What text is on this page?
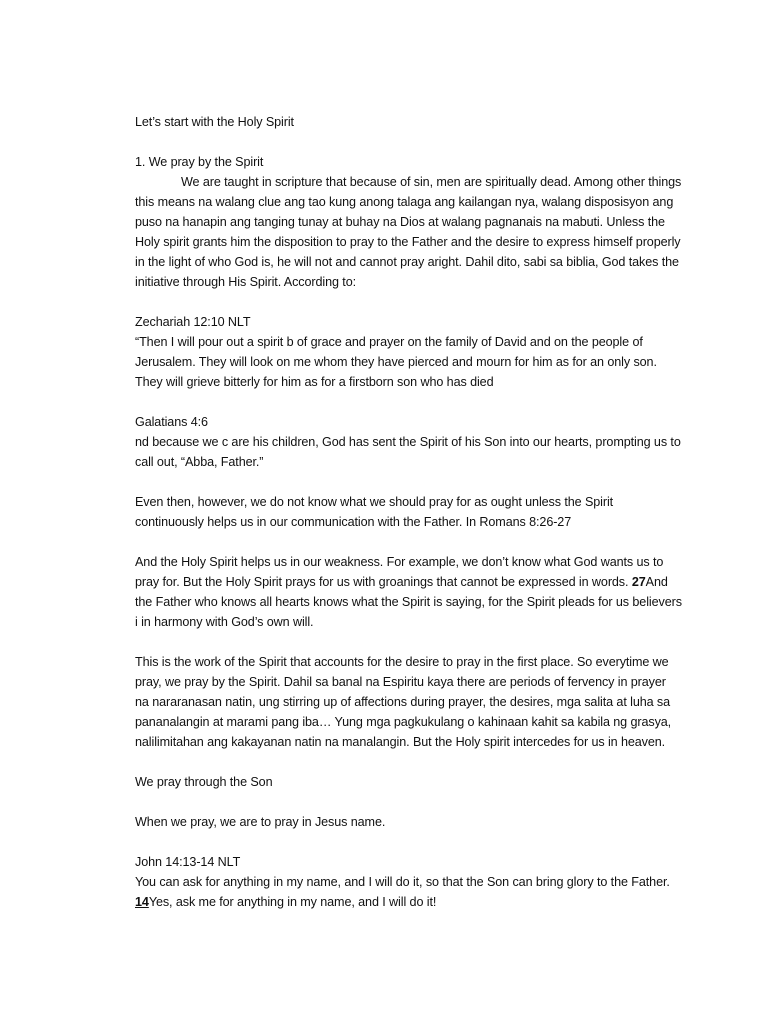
Let’s start with the Holy Spirit

1. We pray by the Spirit

We are taught in scripture that because of sin, men are spiritually dead. Among other things this means na walang clue ang tao kung anong talaga ang kailangan nya, walang disposisyon ang puso na hanapin ang tanging tunay at buhay na Dios at walang pagnanais na mabuti. Unless the Holy spirit grants him the disposition to pray to the Father and the desire to express himself properly in the light of who God is, he will not and cannot pray aright. Dahil dito, sabi sa biblia, God takes the initiative through His Spirit. According to:

Zechariah 12:10 NLT

“Then I will pour out a spirit b of grace and prayer on the family of David and on the people of Jerusalem. They will look on me whom they have pierced and mourn for him as for an only son. They will grieve bitterly for him as for a firstborn son who has died

Galatians 4:6

nd because we c are his children, God has sent the Spirit of his Son into our hearts, prompting us to call out, “Abba, Father.”

Even then, however, we do not know what we should pray for as ought unless the Spirit continuously helps us in our communication with the Father. In Romans 8:26-27

And the Holy Spirit helps us in our weakness. For example, we don’t know what God wants us to pray for. But the Holy Spirit prays for us with groanings that cannot be expressed in words. 27And the Father who knows all hearts knows what the Spirit is saying, for the Spirit pleads for us believers i in harmony with God’s own will.

This is the work of the Spirit that accounts for the desire to pray in the first place. So everytime we pray, we pray by the Spirit. Dahil sa banal na Espiritu kaya there are periods of fervency in prayer na nararanasan natin, ung stirring up of affections during prayer, the desires, mga salita at luha sa pananalangin at marami pang iba… Yung mga pagkukulang o kahinaan kahit sa kabila ng grasya, nalilimitahan ang kakayanan natin na manalangin. But the Holy spirit intercedes for us in heaven.

We pray through the Son

When we pray, we are to pray in Jesus name.

John 14:13-14 NLT

You can ask for anything in my name, and I will do it, so that the Son can bring glory to the Father. 14Yes, ask me for anything in my name, and I will do it!
